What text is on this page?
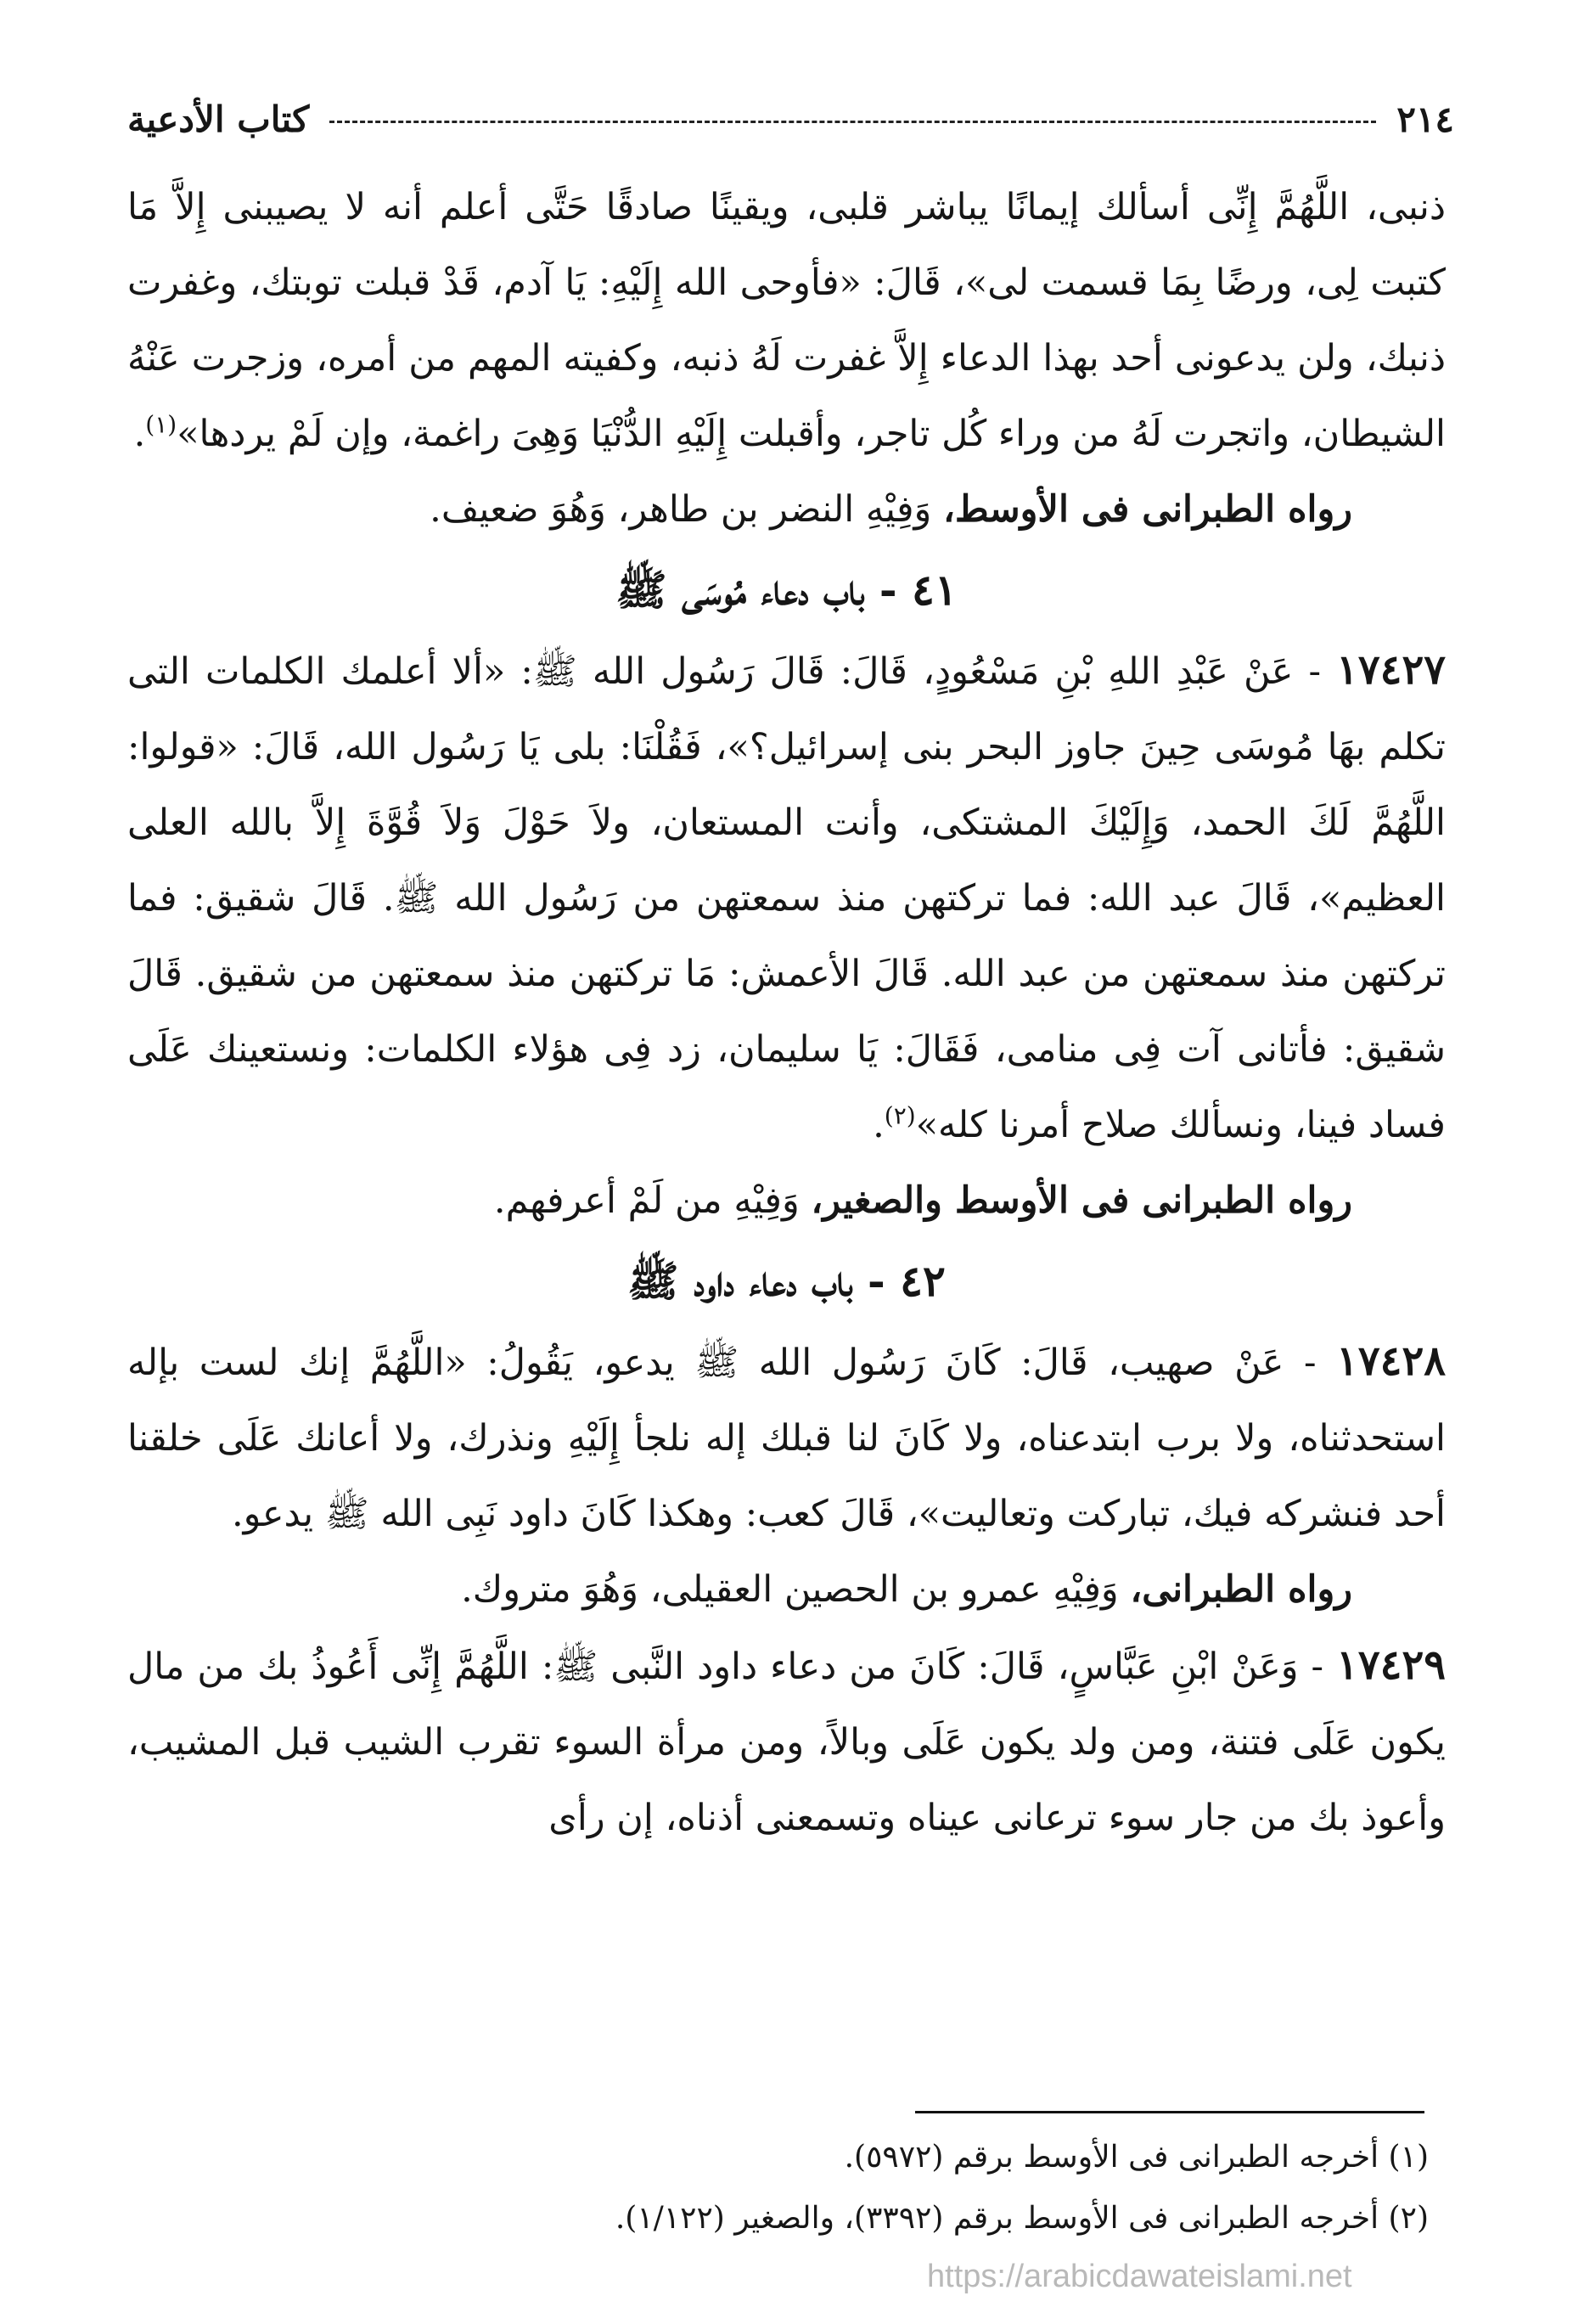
٢١٤
كتاب الأدعية

ذنبى، اللَّهُمَّ إِنِّى أسألك إيمانًا يباشر قلبى، ويقينًا صادقًا حَتَّى أعلم أنه لا يصيبنى إِلاَّ مَا كتبت لِى، ورضًا بِمَا قسمت لى»، قَالَ: «فأوحى الله إِلَيْهِ: يَا آدم، قَدْ قبلت توبتك، وغفرت ذنبك، ولن يدعونى أحد بهذا الدعاء إِلاَّ غفرت لَهُ ذنبه، وكفيته المهم من أمره، وزجرت عَنْهُ الشيطان، واتجرت لَهُ من وراء كُل تاجر، وأقبلت إِلَيْهِ الدُّنْيَا وَهِىَ راغمة، وإن لَمْ يردها»$^{(١)}$.

رواه الطبرانى فى الأوسط، وَفِيْهِ النضر بن طاهر، وَهُوَ ضعيف.

٤١ - باب دعاء مُوسَى ﷺ

١٧٤٢٧ - عَنْ عَبْدِ اللهِ بْنِ مَسْعُودٍ، قَالَ: قَالَ رَسُول الله ﷺ: «ألا أعلمك الكلمات التى تكلم بهَا مُوسَى حِينَ جاوز البحر بنى إسرائيل؟»، فَقُلْنَا: بلى يَا رَسُول الله، قَالَ: «قولوا: اللَّهُمَّ لَكَ الحمد، وَإِلَيْكَ المشتكى، وأنت المستعان، ولاَ حَوْلَ وَلاَ قُوَّةَ إِلاَّ بالله العلى العظيم»، قَالَ عبد الله: فما تركتهن منذ سمعتهن من رَسُول الله ﷺ. قَالَ شقيق: فما تركتهن منذ سمعتهن من عبد الله. قَالَ الأعمش: مَا تركتهن منذ سمعتهن من شقيق. قَالَ شقيق: فأتانى آت فِى منامى، فَقَالَ: يَا سليمان، زد فِى هؤلاء الكلمات: ونستعينك عَلَى فساد فينا، ونسألك صلاح أمرنا كله»$^{(٢)}$.

رواه الطبرانى فى الأوسط والصغير، وَفِيْهِ من لَمْ أعرفهم.

٤٢ - باب دعاء داود ﷺ

١٧٤٢٨ - عَنْ صهيب، قَالَ: كَانَ رَسُول الله ﷺ يدعو، يَقُولُ: «اللَّهُمَّ إنك لست بإله استحدثناه، ولا برب ابتدعناه، ولا كَانَ لنا قبلك إله نلجأ إِلَيْهِ ونذرك، ولا أعانك عَلَى خلقنا أحد فنشركه فيك، تباركت وتعاليت»، قَالَ كعب: وهكذا كَانَ داود نَبِى الله ﷺ يدعو.

رواه الطبرانى، وَفِيْهِ عمرو بن الحصين العقيلى، وَهُوَ متروك.

١٧٤٢٩ - وَعَنْ ابْنِ عَبَّاسٍ، قَالَ: كَانَ من دعاء داود النَّبى ﷺ: اللَّهُمَّ إِنِّى أَعُوذُ بك من مال يكون عَلَى فتنة، ومن ولد يكون عَلَى وبالاً، ومن مرأة السوء تقرب الشيب قبل المشيب، وأعوذ بك من جار سوء ترعانى عيناه وتسمعنى أذناه، إن رأى

(١) أخرجه الطبرانى فى الأوسط برقم (٥٩٧٢).

(٢) أخرجه الطبرانى فى الأوسط برقم (٣٣٩٢)، والصغير (١/١٢٢).

https://arabicdawateislami.net
